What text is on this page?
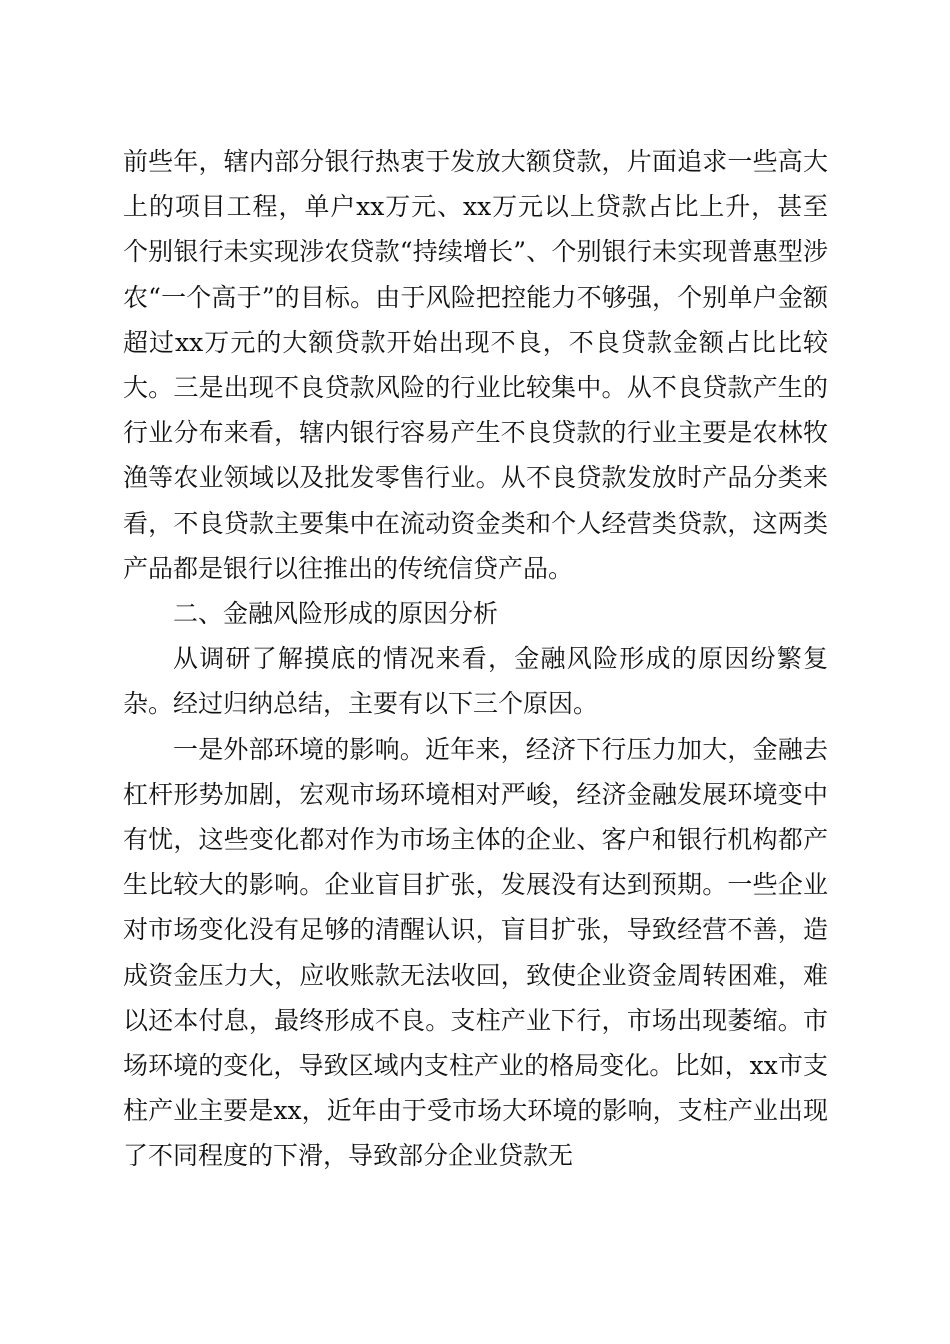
前些年，辖内部分银行热衷于发放大额贷款，片面追求一些高大上的项目工程，单户xx万元、xx万元以上贷款占比上升，甚至个别银行未实现涉农贷款“持续增长”、个别银行未实现普惠型涉农“一个高于”的目标。由于风险把控能力不够强，个别单户金额超过xx万元的大额贷款开始出现不良，不良贷款金额占比比较大。三是出现不良贷款风险的行业比较集中。从不良贷款产生的行业分布来看，辖内银行容易产生不良贷款的行业主要是农林牧渔等农业领域以及批发零售行业。从不良贷款发放时产品分类来看，不良贷款主要集中在流动资金类和个人经营类贷款，这两类产品都是银行以往推出的传统信贷产品。

二、金融风险形成的原因分析

从调研了解摸底的情况来看，金融风险形成的原因纷繁复杂。经过归纳总结，主要有以下三个原因。

一是外部环境的影响。近年来，经济下行压力加大，金融去杠杆形势加剧，宏观市场环境相对严峻，经济金融发展环境变中有忧，这些变化都对作为市场主体的企业、客户和银行机构都产生比较大的影响。企业盲目扩张，发展没有达到预期。一些企业对市场变化没有足够的清醒认识，盲目扩张，导致经营不善，造成资金压力大，应收账款无法收回，致使企业资金周转困难，难以还本付息，最终形成不良。支柱产业下行，市场出现萎缩。市场环境的变化，导致区域内支柱产业的格局变化。比如，xx市支柱产业主要是xx，近年由于受市场大环境的影响，支柱产业出现了不同程度的下滑，导致部分企业贷款无
